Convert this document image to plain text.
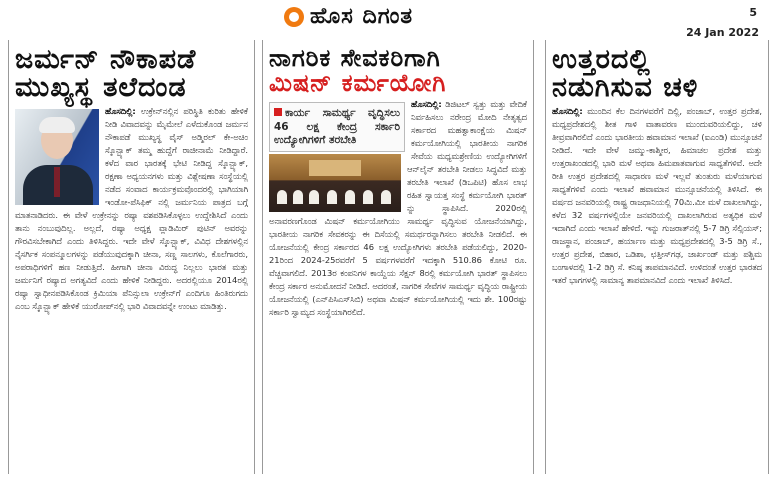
ಹೊಸ ದಿಗಂತ	5
24 Jan 2022
ಜರ್ಮನ್ ನೌಕಾಪಡೆ
ಮುಖ್ಯಸ್ಥ ತಲೆದಂಡ
ಹೊಸದಿಲ್ಲಿ: ಉಕ್ರೇನ್‌ನಲ್ಲಿನ ಪರಿಸ್ಥಿತಿ ಕುರಿತು ಹೇಳಿಕೆ ನೀಡಿ ವಿವಾದವನ್ನು ಮೈಮೇಲೆ ಎಳೆದುಕೊಂಡ ಜರ್ಮನ ನೌಕಾಪಡೆ ಮುಖ್ಯಸ್ಥ ವೈಸ್ ಅಡ್ಮಿರಲ್ ಕೇ-ಅಚಿಂ ಸ್ಕೊನ್ಬ್ಯಾಕ್ ತಮ್ಮ ಹುದ್ದೆಗೆ ರಾಜೀನಾಮೆ ನೀಡಿದ್ದಾರೆ. ಕಳೆದ ವಾರ ಭಾರತಕ್ಕೆ ಭೇಟಿ ನೀಡಿದ್ದ ಸ್ಕೊನ್ಬ್ಯಾಕ್, ರಕ್ಷಣಾ ಅಧ್ಯಯನಗಳು ಮತ್ತು ವಿಶ್ಲೇಷಣಾ ಸಂಸ್ಥೆಯಲ್ಲಿ ನಡೆದ ಸಂವಾದ ಕಾರ್ಯಕ್ರಮವೊಂದರಲ್ಲಿ ಭಾಗಿಯಾಗಿ ಇಂಡೋ-ಪೆಸಿಫಿಕ್ ನಲ್ಲಿ ಜರ್ಮನಿಯ ಪಾತ್ರದ ಬಗ್ಗೆ ಮಾತನಾಡಿದರು. ಈ ವೇಳೆ ಉಕ್ರೇನನ್ನು ರಷ್ಯಾ ವಶಪಡಿಸಿಕೊಳ್ಳಲು ಉದ್ದೇಶಿಸಿದೆ ಎಂದು ತಾನು ನಂಬುವುದಿಲ್ಲ. ಅಲ್ಲದೆ, ರಷ್ಯಾ ಅಧ್ಯಕ್ಷ ವ್ಲಾಡಿಮಿರ್ ಪುಟಿನ್ ಅವರನ್ನು ಗೌರವಿಸಬೇಕಾಗಿದೆ ಎಂದು ತಿಳಿಸಿದ್ದರು. ಇದೇ ವೇಳೆ ಸ್ಕೊನ್ಬ್ಯಾಕ್, ವಿವಿಧ ದೇಶಗಳಲ್ಲಿನ ನೈಸರ್ಗಿಕ ಸಂಪನ್ಮೂಲಗಳನ್ನು ಪಡೆಯುವುದಕ್ಕಾಗಿ ಚೀನಾ, ಸಣ್ಣ ಸಾಲಗಳು, ಕೊಲೆಗಾರರು, ಅಪರಾಧಿಗಳಿಗೆ ಹಣ ನೀಡುತ್ತಿದೆ. ಹೀಗಾಗಿ ಚೀನಾ ವಿರುದ್ಧ ನಿಲ್ಲಲು ಭಾರತ ಮತ್ತು ಜರ್ಮನಿಗೆ ರಷ್ಯಾದ ಅಗತ್ಯವಿದೆ ಎಂದು ಹೇಳಿಕೆ ನೀಡಿದ್ದರು. ಅದರಲ್ಲಿಯೂ 2014ರಲ್ಲಿ ರಷ್ಯಾ ಸ್ವಾಧೀನಪಡಿಸಿಕೊಂಡ ಕ್ರಿಮಿಯಾ ಪೆನಿನ್ಸುಲಾ ಉಕ್ರೇನ್‌ಗೆ ಎಂದಿಗೂ ಹಿಂತಿರುಗದು ಎಂಬ ಸ್ಕೊನ್ಬ್ಯಾಕ್ ಹೇಳಿಕೆ ಯುರೋಪ್‌ನಲ್ಲಿ ಭಾರಿ ವಿವಾದವನ್ನೇ ಉಂಟು ಮಾಡಿತ್ತು.
ನಾಗರಿಕ ಸೇವಕರಿಗಾಗಿ
ಮಿಷನ್ ಕರ್ಮಯೋಗಿ
ಹೊಸದಿಲ್ಲಿ:
ಕಾರ್ಯ ಸಾಮರ್ಥ್ಯ ವೃದ್ಧಿಸಲು 46 ಲಕ್ಷ ಕೇಂದ್ರ ಸರ್ಕಾರಿ ಉದ್ಯೋಗಿಗಳಿಗೆ ತರಬೇತಿ
ಡಿಜಿಟಲ್ ಸ್ವತ್ತು ಮತ್ತು ವೇದಿಕೆ ನಿರ್ವಹಿಸಲು ನರೇಂದ್ರ ಮೋದಿ ನೇತೃತ್ವದ ಸರ್ಕಾರದ ಮಹತ್ವಾಕಾಂಕ್ಷೆಯ ಮಿಷನ್ ಕರ್ಮಯೋಗಿಯಲ್ಲಿ ಭಾರತೀಯ ನಾಗರಿಕ ಸೇವೆಯ ಮಧ್ಯಮಶ್ರೇಣಿಯ ಉದ್ಯೋಗಿಗಳಿಗೆ ಆನ್‌ಲೈನ್ ತರಬೇತಿ ನೀಡಲು ಸಿದ್ಧವಿದೆ ಮತ್ತು ತರಬೇತಿ ಇಲಾಖೆ (ಡಿಒಪಿಟಿ) ಹೊಸ ಲಾಭ ರಹಿತ ಸ್ವಾಯತ್ತ ಸಂಸ್ಥೆ ಕರ್ಮಯೋಗಿ ಭಾರತ್ ನ್ನು ಸ್ಥಾಪಿಸಿದೆ. 2020ರಲ್ಲಿ ಅನಾವರಣಗೊಂಡ ಮಿಷನ್ ಕರ್ಮಯೋಗಿಯು ಸಾಮರ್ಥ್ಯ ವೃದ್ಧಿಸುವ ಯೋಜನೆಯಾಗಿದ್ದು, ಭಾರತೀಯ ನಾಗರಿಕ ಸೇವಕರನ್ನು ಈ ದಿಸೆಯಲ್ಲಿ ಸಮರ್ಥರನ್ನಾಗಿಸಲು ತರಬೇತಿ ನೀಡಲಿದೆ. ಈ ಯೋಜನೆಯಲ್ಲಿ ಕೇಂದ್ರ ಸರ್ಕಾರದ 46 ಲಕ್ಷ ಉದ್ಯೋಗಿಗಳು ತರಬೇತಿ ಪಡೆಯಲಿದ್ದು, 2020-21ರಿಂದ 2024-25ರವರೆಗೆ 5 ವರ್ಷಗಳವರೆಗೆ ಇದಕ್ಕಾಗಿ 510.86 ಕೋಟಿ ರೂ. ವೆಚ್ಚವಾಗಲಿದೆ. 2013ರ ಕಂಪನಿಗಳ ಕಾಯ್ದೆಯ ಸೆಕ್ಷನ್ 8ರಲ್ಲಿ ಕರ್ಮಯೋಗಿ ಭಾರತ್ ಸ್ಥಾಪಿಸಲು ಕೇಂದ್ರ ಸರ್ಕಾರ ಅನುಮೋದನೆ ನೀಡಿದೆ. ಅದರಂತೆ, ನಾಗರಿಕ ಸೇವೆಗಳ ಸಾಮರ್ಥ್ಯ ವೃದ್ಧಿಯ ರಾಷ್ಟ್ರೀಯ ಯೋಜನೆಯಲ್ಲಿ (ಎನ್‌ಪಿಸಿಎಸ್‌ಸಿಬಿ) ಅಥವಾ ಮಿಷನ್ ಕರ್ಮಯೋಗಿಯಲ್ಲಿ ಇದು ಶೇ. 100ರಷ್ಟು ಸರ್ಕಾರಿ ಸ್ವಾಮ್ಯದ ಸಂಸ್ಥೆಯಾಗಿರಲಿದೆ.
ಉತ್ತರದಲ್ಲಿ
ನಡುಗಿಸುವ ಚಳಿ
ಹೊಸದಿಲ್ಲಿ: ಮುಂದಿನ ಕೆಲ ದಿನಗಳವರೆಗೆ ದಿಲ್ಲಿ, ಪಂಜಾಬ್, ಉತ್ತರ ಪ್ರದೇಶ, ಮಧ್ಯಪ್ರದೇಶದಲ್ಲಿ ಶೀತ ಗಾಳಿ ವಾತಾವರಣ ಮುಂದುವರಿಯಲಿದ್ದು, ಚಳಿ ತೀವ್ರವಾಗಿರಲಿದೆ ಎಂದು ಭಾರತೀಯ ಹವಾಮಾನ ಇಲಾಖೆ (ಐಎಂಡಿ) ಮುನ್ಸೂಚನೆ ನೀಡಿದೆ. ಇದೇ ವೇಳೆ ಜಮ್ಮು-ಕಾಶ್ಮೀರ, ಹಿಮಾಚಲ ಪ್ರದೇಶ ಮತ್ತು ಉತ್ತರಾಖಂಡದಲ್ಲಿ ಭಾರಿ ಮಳೆ ಅಥವಾ ಹಿಮಪಾತವಾಗುವ ಸಾಧ್ಯತೆಗಳಿವೆ. ಅದೇ ರೀತಿ ಉತ್ತರ ಪ್ರದೇಶದಲ್ಲಿ ಸಾಧಾರಣ ಮಳೆ ಇಲ್ಲವೆ ತುಂತುರು ಮಳೆಯಾಗುವ ಸಾಧ್ಯತೆಗಳಿವೆ ಎಂದು ಇಲಾಖೆ ಹವಾಮಾನ ಮುನ್ಸೂಚನೆಯಲ್ಲಿ ತಿಳಿಸಿದೆ. ಈ ವರ್ಷದ ಜನವರಿಯಲ್ಲಿ ರಾಷ್ಟ್ರ ರಾಜಧಾನಿಯಲ್ಲಿ 70ಮಿ.ಮೀ ಮಳೆ ದಾಖಲಾಗಿದ್ದು, ಕಳೆದ 32 ವರ್ಷಗಳಲ್ಲಿಯೇ ಜನವರಿಯಲ್ಲಿ ದಾಖಲಾಗಿರುವ ಅತ್ಯಧಿಕ ಮಳೆ ಇದಾಗಿದೆ ಎಂದು ಇಲಾಖೆ ಹೇಳಿದೆ. ಇನ್ನು ಗುಜರಾತ್‌ನಲ್ಲಿ 5-7 ಡಿಗ್ರಿ ಸೆಲ್ಸಿಯಸ್; ರಾಜಸ್ಥಾನ, ಪಂಜಾಬ್, ಹರ್ಯಾಣ ಮತ್ತು ಮಧ್ಯಪ್ರದೇಶದಲ್ಲಿ 3-5 ಡಿಗ್ರಿ ಸೆ., ಉತ್ತರ ಪ್ರದೇಶ, ಬಿಹಾರ, ಒಡಿಶಾ, ಛತ್ತೀಸ್‌ಗಢ, ಜಾರ್ಖಂಡ್ ಮತ್ತು ಪಶ್ಚಿಮ ಬಂಗಾಳದಲ್ಲಿ 1-2 ಡಿಗ್ರಿ ಸೆ. ಕನಿಷ್ಠ ತಾಪಮಾನವಿದೆ. ಉಳಿದಂತೆ ಉತ್ತರ ಭಾರತದ ಇತರೆ ಭಾಗಗಳಲ್ಲಿ ಸಾಮಾನ್ಯ ತಾಪಮಾನವಿದೆ ಎಂದು ಇಲಾಖೆ ತಿಳಿಸಿದೆ.
